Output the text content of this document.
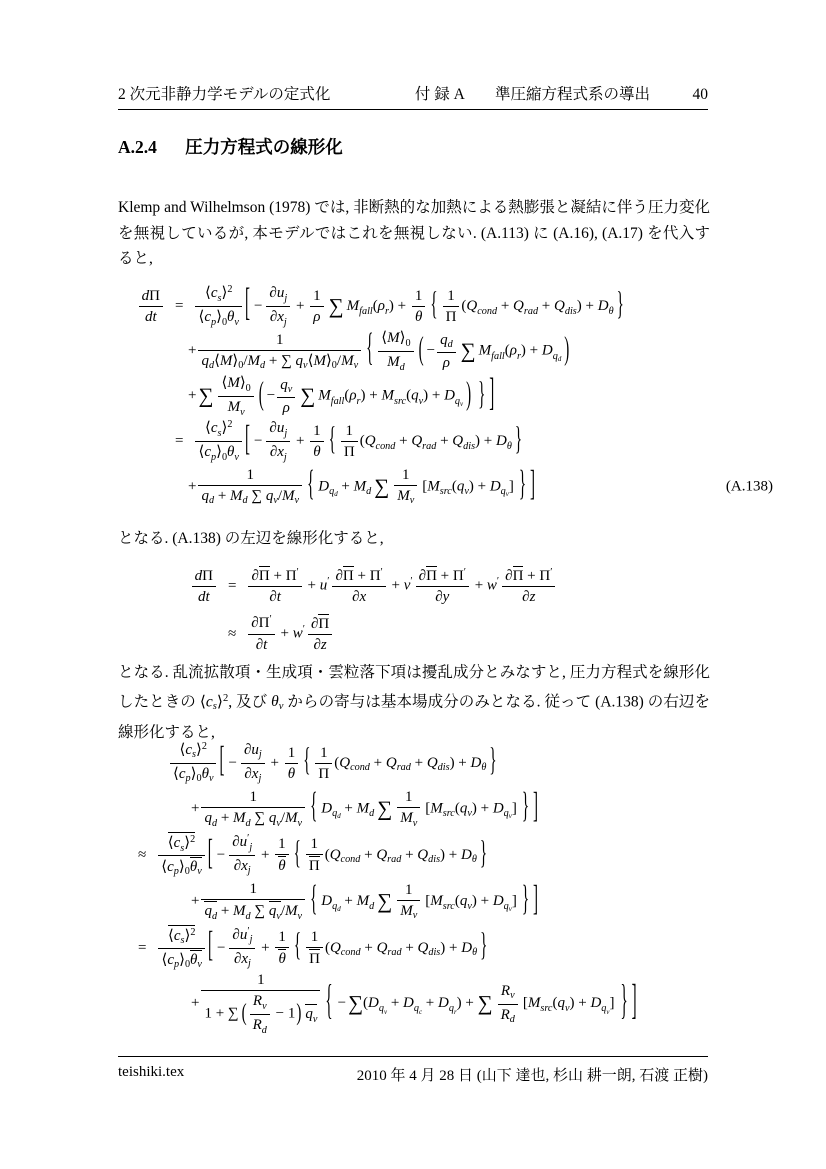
2 次元非静力学モデルの定式化	付 録 A　　準圧縮方程式系の導出	40
A.2.4 圧力方程式の線形化

Klemp and Wilhelmson (1978) では, 非断熱的な加熱による熱膨張と凝結に伴う圧力変化を無視しているが, 本モデルではこれを無視しない. (A.113) に (A.16), (A.17) を代入すると,

$\frac{d\Pi}{dt} = \frac{⟨c_s⟩^2}{⟨c_p⟩_0\theta_v}$ [ − $\frac{\partial u_j}{\partial x_j} + \frac{1}{\rho}$ ∑ $M_{fall}(\rho_r) + \frac{1}{\theta}$ { $\frac{1}{\Pi} (Q_{cond} + Q_{rad} + Q_{dis}) + D_\theta$ }
+ $\frac{1}{q_d⟨M⟩_0/M_d + \sum q_v⟨M⟩_0/M_v}$ { $\frac{⟨M⟩_0}{M_d}$ ( − $\frac{q_d}{\rho}$ ∑ $M_{fall}(\rho_r) + D_{q_d}$ )
+∑ $\frac{⟨M⟩_0}{M_v}$ ( − $\frac{q_v}{\rho}$ ∑ $M_{fall}(\rho_r) + M_{src}(q_v) + D_{q_v}$ ) } ]
= $\frac{⟨c_s⟩^2}{⟨c_p⟩_0\theta_v}$ [ − $\frac{\partial u_j}{\partial x_j} + \frac{1}{\theta}$ { $\frac{1}{\Pi} (Q_{cond} + Q_{rad} + Q_{dis}) + D_\theta$ }
+ $\frac{1}{q_d + M_d \sum q_v/M_v}$ { $D_{q_d} + M_d$ ∑ $\frac{1}{M_v} [M_{src}(q_v) + D_{q_v}]$ } ]	(A.138)

となる. (A.138) の左辺を線形化すると,

$\frac{d\Pi}{dt} = \frac{\partial\Pi + \Pi'}{\partial t} + u' \frac{\partial\Pi + \Pi'}{\partial x} + v' \frac{\partial\Pi + \Pi'}{\partial y} + w' \frac{\partial\Pi + \Pi'}{\partial z}$
≈ $\frac{\partial\Pi'}{\partial t} + w' \frac{\partial\Pi}{\partial z}$

となる. 乱流拡散項・生成項・雲粒落下項は擾乱成分とみなすと, 圧力方程式を線形化したときの $⟨c_s⟩^2$, 及び $\theta_v$ からの寄与は基本場成分のみとなる. 従って (A.138) の右辺を線形化すると,

$\frac{⟨c_s⟩^2}{⟨c_p⟩_0\theta_v}$ [ − $\frac{\partial u_j}{\partial x_j} + \frac{1}{\theta}$ { $\frac{1}{\Pi} (Q_{cond} + Q_{rad} + Q_{dis}) + D_\theta$ }
+ $\frac{1}{q_d + M_d \sum q_v/M_v}$ { $D_{q_d} + M_d$ ∑ $\frac{1}{M_v} [M_{src}(q_v) + D_{q_v}]$ } ]
≈ $\frac{⟨c_s⟩^2}{⟨c_p⟩_0\theta_v}$ [ − $\frac{\partial u'_j}{\partial x_j} + \frac{1}{\theta}$ { $\frac{1}{\Pi} (Q_{cond} + Q_{rad} + Q_{dis}) + D_\theta$ }
+ $\frac{1}{q_d + M_d \sum q_v/M_v}$ { $D_{q_d} + M_d$ ∑ $\frac{1}{M_v} [M_{src}(q_v) + D_{q_v}]$ } ]
= $\frac{⟨c_s⟩^2}{⟨c_p⟩_0\theta_v}$ [ − $\frac{\partial u'_j}{\partial x_j} + \frac{1}{\theta}$ { $\frac{1}{\Pi} (Q_{cond} + Q_{rad} + Q_{dis}) + D_\theta$ }
+
1
1 + ∑ ( $\frac{R_v}{R_d} - 1$) $q_v$ { $-\sum(D_{q_v} + D_{q_c} + D_{q_r})$ + ∑ $\frac{R_v}{R_d} [M_{src}(q_v) + D_{q_v}]$ } ]
teishiki.tex	2010 年 4 月 28 日 (山下 達也, 杉山 耕一朗, 石渡 正樹)
